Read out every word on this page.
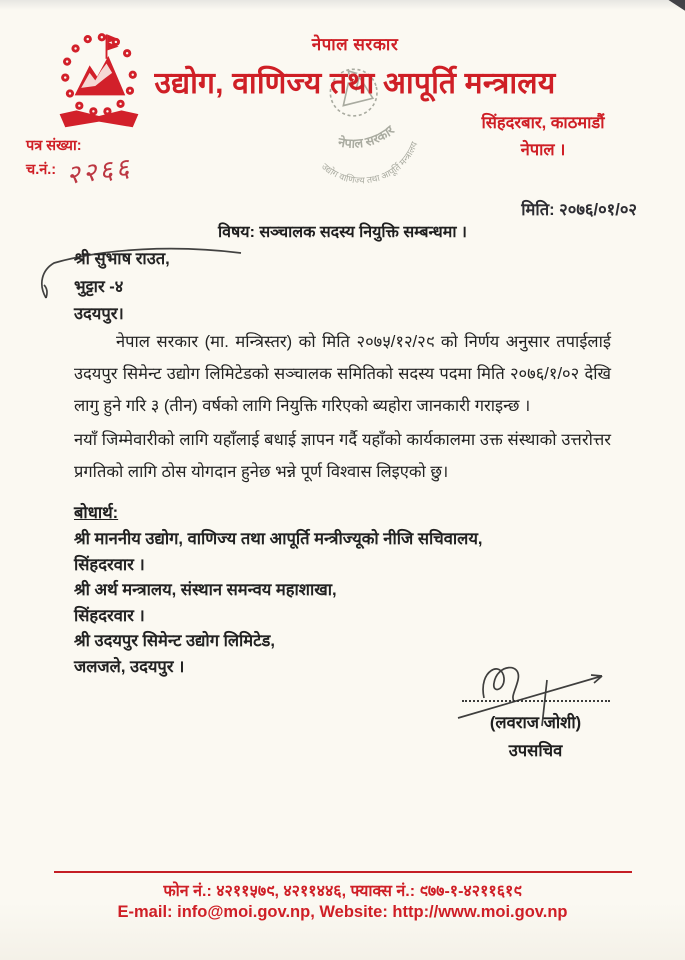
नेपाल सरकार
उद्योग वाणिज्य तथा आपूर्ति मन्त्रालय
नेपाल सरकार
उद्योग, वाणिज्य तथा आपूर्ति मन्त्रालय
सिंहदरबार, काठमाडौं
नेपाल ।
पत्र संख्या:
च.नं.: २२६६
मिति: २०७६/०१/०२
विषय: सञ्चालक सदस्य नियुक्ति सम्बन्धमा ।
श्री सुभाष राउत,
भुट्टार -४
उदयपुर।
नेपाल सरकार (मा. मन्त्रिस्तर) को मिति २०७५/१२/२९ को निर्णय अनुसार तपाईलाई उदयपुर सिमेन्ट उद्योग लिमिटेडको सञ्चालक समितिको सदस्य पदमा मिति २०७६/१/०२ देखि लागु हुने गरि ३ (तीन) वर्षको लागि नियुक्ति गरिएको ब्यहोरा जानकारी गराइन्छ ।
नयाँ जिम्मेवारीको लागि यहाँलाई बधाई ज्ञापन गर्दै यहाँको कार्यकालमा उक्त संस्थाको उत्तरोत्तर प्रगतिको लागि ठोस योगदान हुनेछ भन्ने पूर्ण विश्वास लिइएको छु।
बोधार्थ:
श्री माननीय उद्योग, वाणिज्य तथा आपूर्ति मन्त्रीज्यूको नीजि सचिवालय,
सिंहदरवार ।
श्री अर्थ मन्त्रालय, संस्थान समन्वय महाशाखा,
सिंहदरवार ।
श्री उदयपुर सिमेन्ट उद्योग लिमिटेड,
जलजले, उदयपुर ।
(लवराज जोशी)
उपसचिव
फोन नं.: ४२११५७९, ४२११४४६, फ्याक्स नं.: ९७७-१-४२११६१९
E-mail: info@moi.gov.np, Website: http://www.moi.gov.np
